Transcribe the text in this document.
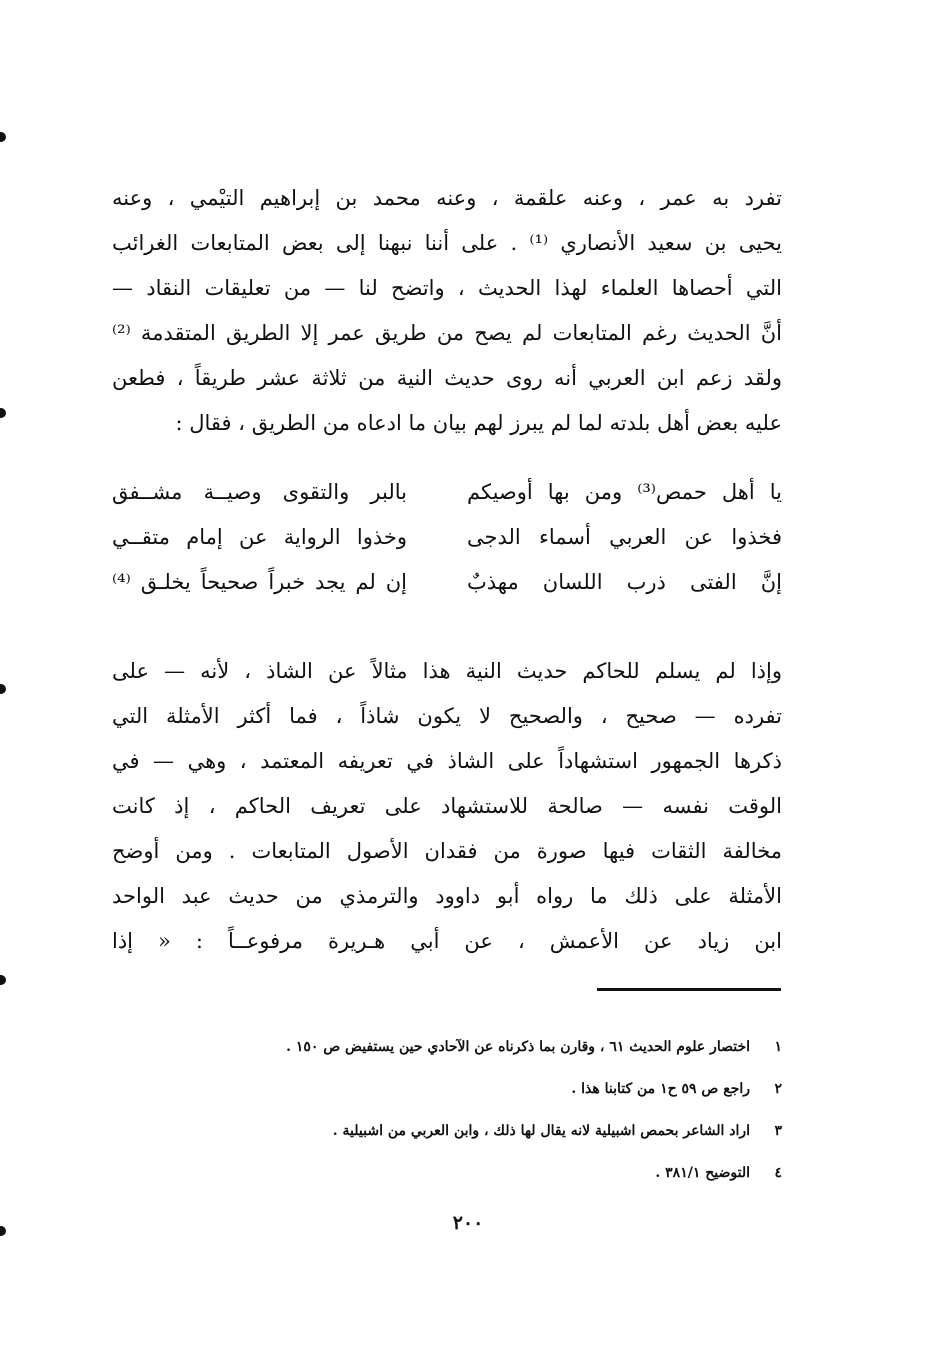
تفرد به عمر ، وعنه علقمة ، وعنه محمد بن إبراهيم التيْمي ، وعنه
يحيى بن سعيد الأنصاري ⁽¹⁾ . على أننا نبهنا إلى بعض المتابعات الغرائب
التي أحصاها العلماء لهذا الحديث ، واتضح لنا — من تعليقات النقاد —
أنَّ الحديث رغم المتابعات لم يصح من طريق عمر إلا الطريق المتقدمة ⁽²⁾
ولقد زعم ابن العربي أنه روى حديث النية من ثلاثة عشر طريقاً ، فطعن
عليه بعض أهل بلدته لما لم يبرز لهم بيان ما ادعاه من الطريق ، فقال :
يا أهل حمص⁽³⁾ ومن بها أوصيكم
بالبر والتقوى وصيــة مشــفق
فخذوا عن العربي أسماء الدجى
وخذوا الرواية عن إمام متقــي
إنَّ الفتى ذرب اللسان مهذبٌ
إن لم يجد خبراً صحيحاً يخلـق ⁽⁴⁾
وإذا لم يسلم للحاكم حديث النية هذا مثالاً عن الشاذ ، لأنه — على
تفرده — صحيح ، والصحيح لا يكون شاذاً ، فما أكثر الأمثلة التي
ذكرها الجمهور استشهاداً على الشاذ في تعريفه المعتمد ، وهي — في
الوقت نفسه — صالحة للاستشهاد على تعريف الحاكم ، إذ كانت
مخالفة الثقات فيها صورة من فقدان الأصول المتابعات . ومن أوضح
الأمثلة على ذلك ما رواه أبو داوود والترمذي من حديث عبد الواحد
ابن زياد عن الأعمش ، عن أبي هـريرة مرفوعــاً : « إذا
١
اختصار علوم الحديث ٦١ ، وقارن بما ذكرناه عن الآحادي حين يستفيض ص ١٥٠ .
٢
راجع ص ٥٩ ح١ من كتابنا هذا .
٣
اراد الشاعر بحمص اشبيلية لانه يقال لها ذلك ، وابن العربي من اشبيلية .
٤
التوضيح ٣٨١/١ .
٢٠٠
